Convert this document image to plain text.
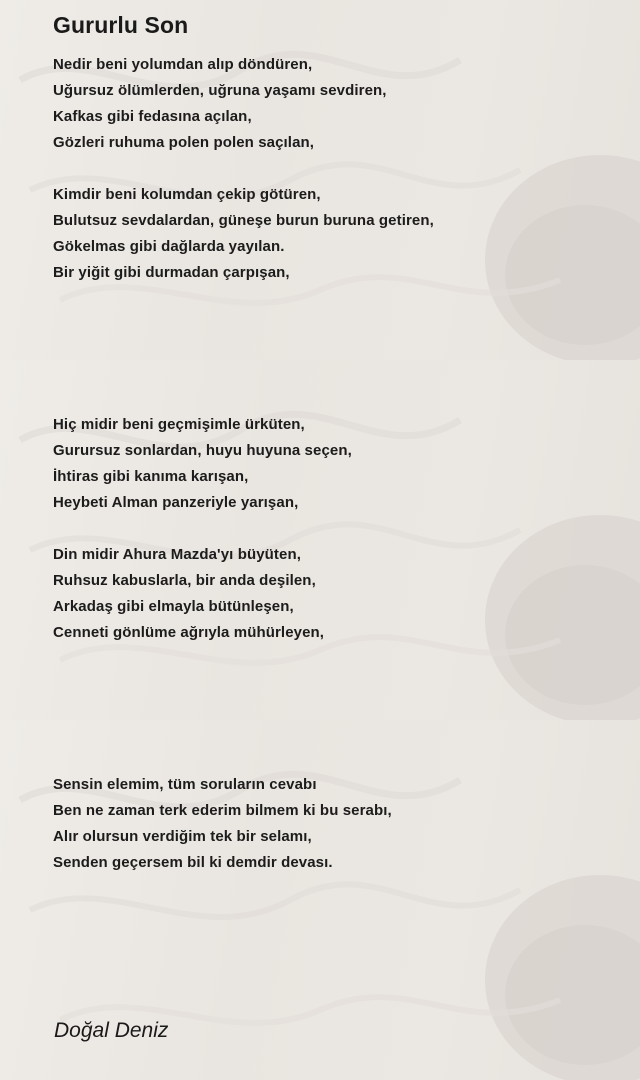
Gururlu Son
Nedir beni yolumdan alıp döndüren,
Uğursuz ölümlerden, uğruna yaşamı sevdiren,
Kafkas gibi fedasına açılan,
Gözleri ruhuma polen polen saçılan,
Kimdir beni kolumdan çekip götüren,
Bulutsuz sevdalardan, güneşe burun buruna getiren,
Gökelmas gibi dağlarda yayılan.
Bir yiğit gibi durmadan çarpışan,
Hiç midir beni geçmişimle ürküten,
Gurursuz sonlardan, huyu huyuna seçen,
İhtiras gibi kanıma karışan,
Heybeti Alman panzeriyle yarışan,
Din midir Ahura Mazda'yı büyüten,
Ruhsuz kabuslarla, bir anda deşilen,
Arkadaş gibi elmayla bütünleşen,
Cenneti gönlüme ağrıyla mühürleyen,
Sensin elemim, tüm soruların cevabı
Ben ne zaman terk ederim bilmem ki bu serabı,
Alır olursun verdiğim tek bir selamı,
Senden geçersem bil ki demdir devası.
Doğal Deniz
